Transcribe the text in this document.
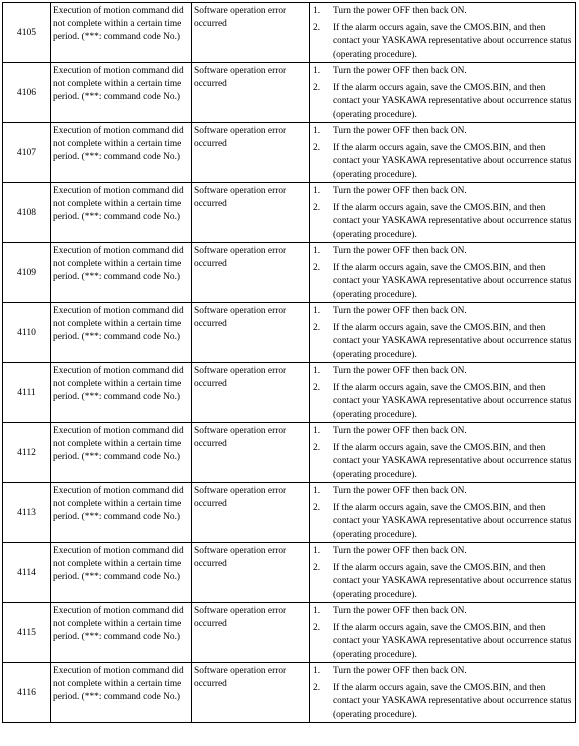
4105	Execution of motion command did not complete within a certain time period. (***: command code No.)	Software operation error occurred	1. Turn the power OFF then back ON.
2. If the alarm occurs again, save the CMOS.BIN, and then contact your YASKAWA representative about occurrence status (operating procedure).

4106	Execution of motion command did not complete within a certain time period. (***: command code No.)	Software operation error occurred	1. Turn the power OFF then back ON.
2. If the alarm occurs again, save the CMOS.BIN, and then contact your YASKAWA representative about occurrence status (operating procedure).

4107	Execution of motion command did not complete within a certain time period. (***: command code No.)	Software operation error occurred	1. Turn the power OFF then back ON.
2. If the alarm occurs again, save the CMOS.BIN, and then contact your YASKAWA representative about occurrence status (operating procedure).

4108	Execution of motion command did not complete within a certain time period. (***: command code No.)	Software operation error occurred	1. Turn the power OFF then back ON.
2. If the alarm occurs again, save the CMOS.BIN, and then contact your YASKAWA representative about occurrence status (operating procedure).

4109	Execution of motion command did not complete within a certain time period. (***: command code No.)	Software operation error occurred	1. Turn the power OFF then back ON.
2. If the alarm occurs again, save the CMOS.BIN, and then contact your YASKAWA representative about occurrence status (operating procedure).

4110	Execution of motion command did not complete within a certain time period. (***: command code No.)	Software operation error occurred	1. Turn the power OFF then back ON.
2. If the alarm occurs again, save the CMOS.BIN, and then contact your YASKAWA representative about occurrence status (operating procedure).

4111	Execution of motion command did not complete within a certain time period. (***: command code No.)	Software operation error occurred	1. Turn the power OFF then back ON.
2. If the alarm occurs again, save the CMOS.BIN, and then contact your YASKAWA representative about occurrence status (operating procedure).

4112	Execution of motion command did not complete within a certain time period. (***: command code No.)	Software operation error occurred	1. Turn the power OFF then back ON.
2. If the alarm occurs again, save the CMOS.BIN, and then contact your YASKAWA representative about occurrence status (operating procedure).

4113	Execution of motion command did not complete within a certain time period. (***: command code No.)	Software operation error occurred	1. Turn the power OFF then back ON.
2. If the alarm occurs again, save the CMOS.BIN, and then contact your YASKAWA representative about occurrence status (operating procedure).

4114	Execution of motion command did not complete within a certain time period. (***: command code No.)	Software operation error occurred	1. Turn the power OFF then back ON.
2. If the alarm occurs again, save the CMOS.BIN, and then contact your YASKAWA representative about occurrence status (operating procedure).

4115	Execution of motion command did not complete within a certain time period. (***: command code No.)	Software operation error occurred	1. Turn the power OFF then back ON.
2. If the alarm occurs again, save the CMOS.BIN, and then contact your YASKAWA representative about occurrence status (operating procedure).

4116	Execution of motion command did not complete within a certain time period. (***: command code No.)	Software operation error occurred	1. Turn the power OFF then back ON.
2. If the alarm occurs again, save the CMOS.BIN, and then contact your YASKAWA representative about occurrence status (operating procedure).
